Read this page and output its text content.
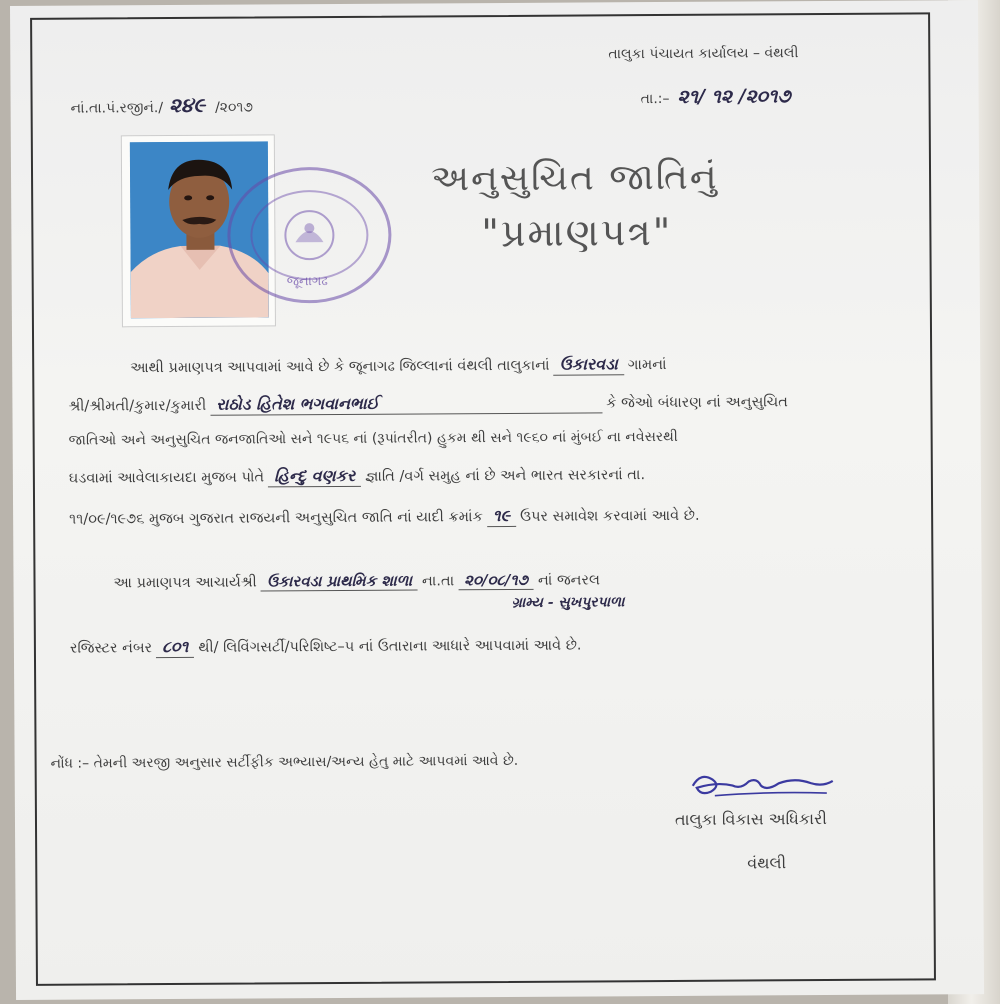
તાલુકા પંચાયત કાર્યાલય – વંથલી
નાં.તા.પં.રજીનં./ ૨૪૯ /૨૦૧૭
તા.:– ૨૧/ ૧૨ /૨૦૧૭
અનુસુચિત જાતિનું
"પ્રમાણપત્ર"
જૂનાગઢ
આથી પ્રમાણપત્ર આપવામાં આવે છે કે જૂનાગઢ જિલ્લાનાં વંથલી તાલુકાનાં ઉકારવડા ગામનાં
શ્રી/શ્રીમતી/કુમાર/કુમારી રાઠોડ હિતેશ ભગવાનભાઈ	કે જેઓ બંધારણ નાં અનુસુચિત
જાતિઓ અને અનુસુચિત જનજાતિઓ સને ૧૯૫૬ નાં (રૂપાંતરીત) હુકમ થી સને ૧૯૬૦ નાં મુંબઈ ના નવેસરથી
ઘડવામાં આવેલાકાયદા મુજબ પોતે હિન્દુ વણકર જ્ઞાતિ /વર્ગ સમુહ નાં છે અને ભારત સરકારનાં તા.
૧૧/૦૯/૧૯૭૬ મુજબ ગુજરાત રાજયની અનુસુચિત જાતિ નાં યાદી ક્રમાંક ૧૯ ઉપર સમાવેશ કરવામાં આવે છે.
આ પ્રમાણપત્ર આચાર્યશ્રી ઉકારવડા પ્રાથમિક શાળા ના.તા ૨૦/૦૮/૧૭ નાં જનરલ
ગ્રામ્ય - સુખપુરપાળા
રજિસ્ટર નંબર ૮૦૧ થી/ લિવિંગસર્ટી/પરિશિષ્ટ–૫ નાં ઉતારાના આધારે આપવામાં આવે છે.
નોંધ :– તેમની અરજી અનુસાર સર્ટીફીક અભ્યાસ/અન્ય હેતુ માટે આપવમાં આવે છે.
તાલુકા વિકાસ અધિકારી
વંથલી
